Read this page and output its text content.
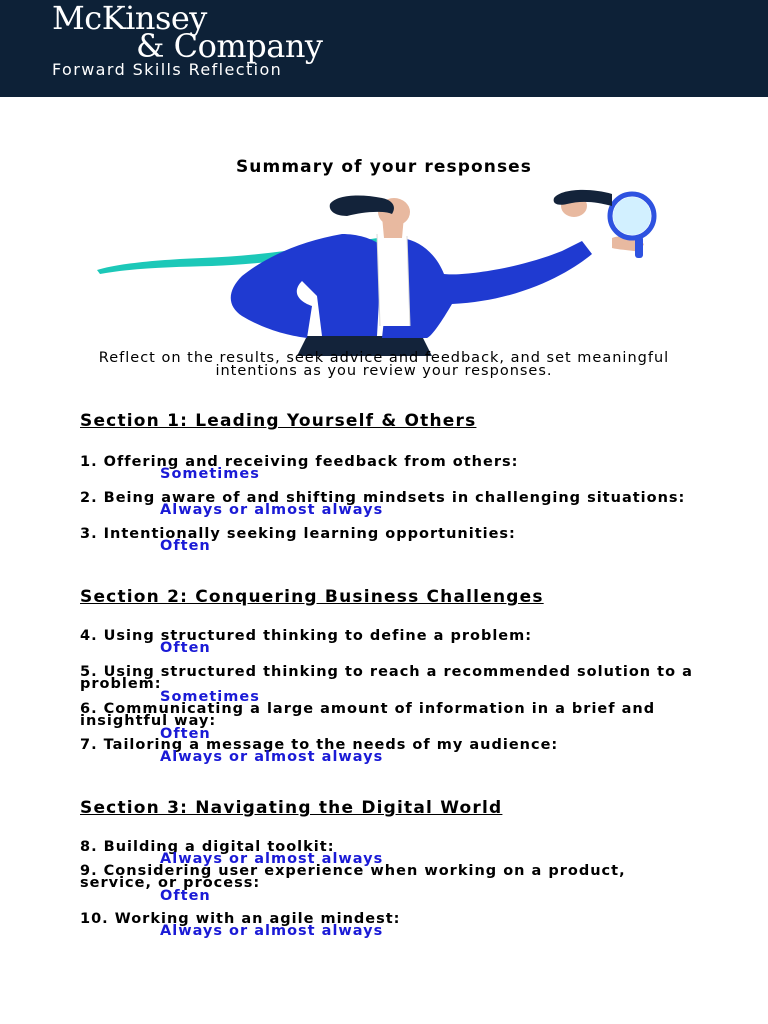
McKinsey
& Company
Forward Skills Reflection
Summary of your responses
Reflect on the results, seek advice and feedback, and set meaningful intentions as you review your responses.
Section 1: Leading Yourself & Others
1. Offering and receiving feedback from others:
Sometimes
2. Being aware of and shifting mindsets in challenging situations:
Always or almost always
3. Intentionally seeking learning opportunities:
Often
Section 2: Conquering Business Challenges
4. Using structured thinking to define a problem:
Often
5. Using structured thinking to reach a recommended solution to a problem:
Sometimes
6. Communicating a large amount of information in a brief and insightful way:
Often
7. Tailoring a message to the needs of my audience:
Always or almost always
Section 3: Navigating the Digital World
8. Building a digital toolkit:
Always or almost always
9. Considering user experience when working on a product, service, or process:
Often
10. Working with an agile mindest:
Always or almost always
